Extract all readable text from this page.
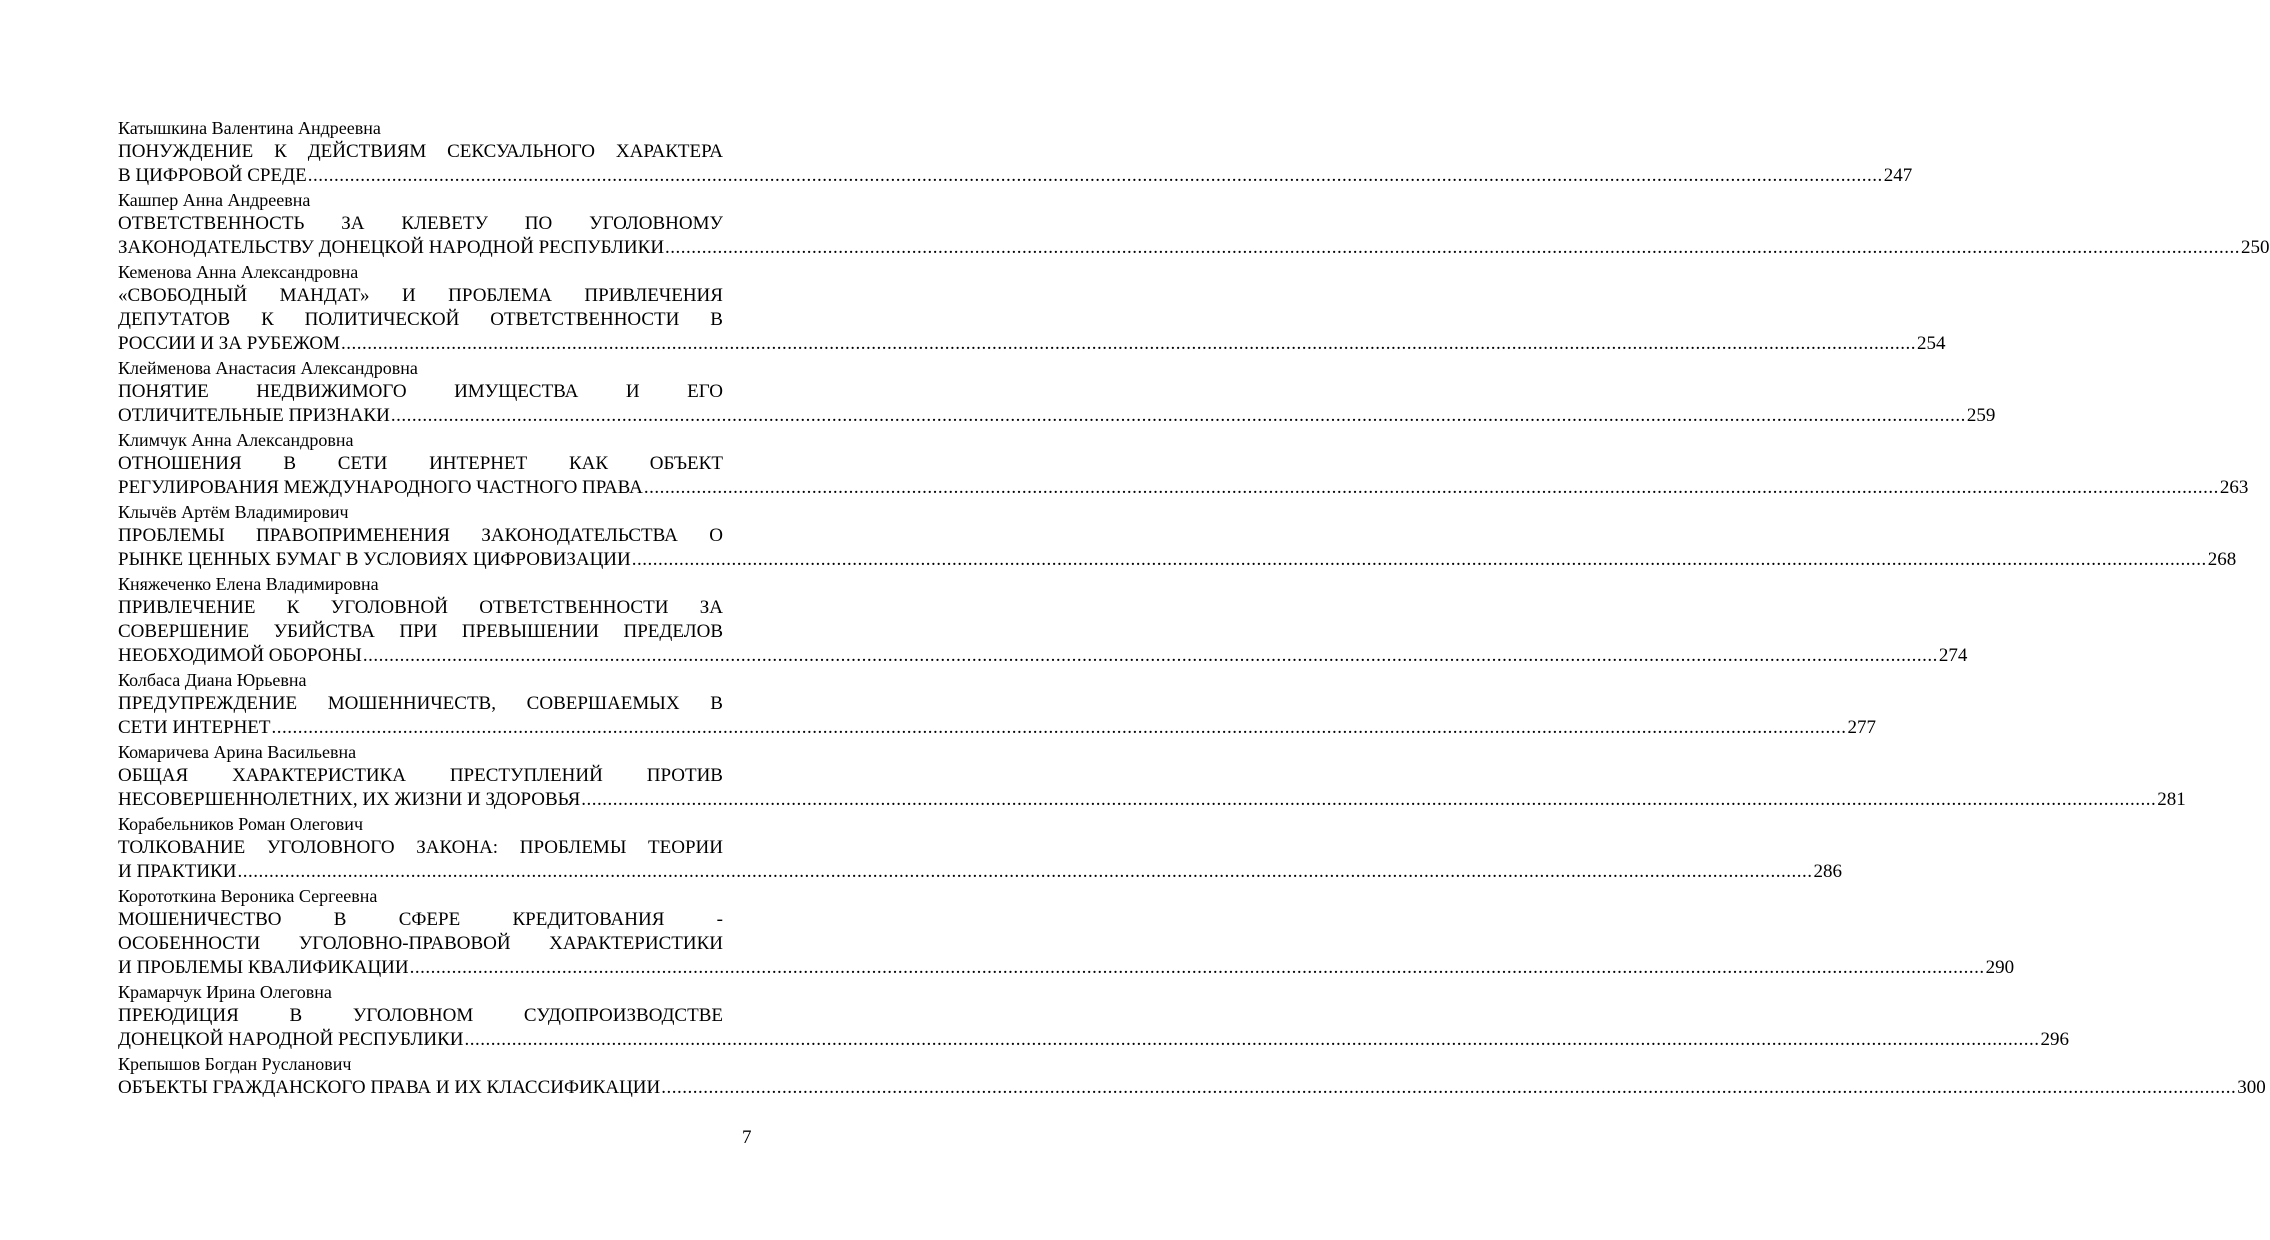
Катышкина Валентина Андреевна
ПОНУЖДЕНИЕ К ДЕЙСТВИЯМ СЕКСУАЛЬНОГО ХАРАКТЕРА
В ЦИФРОВОЙ СРЕДЕ ............................................................................................................................................................................................................................................................................................................ 247
Кашпер Анна Андреевна
ОТВЕТСТВЕННОСТЬ ЗА КЛЕВЕТУ ПО УГОЛОВНОМУ
ЗАКОНОДАТЕЛЬСТВУ ДОНЕЦКОЙ НАРОДНОЙ РЕСПУБЛИКИ ............................................................................................................................................................................................................................................................................................................ 250
Кеменова Анна Александровна
«СВОБОДНЫЙ МАНДАТ» И ПРОБЛЕМА ПРИВЛЕЧЕНИЯ
ДЕПУТАТОВ К ПОЛИТИЧЕСКОЙ ОТВЕТСТВЕННОСТИ В
РОССИИ И ЗА РУБЕЖОМ ............................................................................................................................................................................................................................................................................................................ 254
Клейменова Анастасия Александровна
ПОНЯТИЕ	НЕДВИЖИМОГО	ИМУЩЕСТВА	И	ЕГО
ОТЛИЧИТЕЛЬНЫЕ ПРИЗНАКИ ............................................................................................................................................................................................................................................................................................................ 259
Климчук Анна Александровна
ОТНОШЕНИЯ В СЕТИ ИНТЕРНЕТ КАК ОБЪЕКТ
РЕГУЛИРОВАНИЯ МЕЖДУНАРОДНОГО ЧАСТНОГО ПРАВА ............................................................................................................................................................................................................................................................................................................ 263
Клычёв Артём Владимирович
ПРОБЛЕМЫ ПРАВОПРИМЕНЕНИЯ ЗАКОНОДАТЕЛЬСТВА О
РЫНКЕ ЦЕННЫХ БУМАГ В УСЛОВИЯХ ЦИФРОВИЗАЦИИ ............................................................................................................................................................................................................................................................................................................ 268
Княжеченко Елена Владимировна
ПРИВЛЕЧЕНИЕ К УГОЛОВНОЙ ОТВЕТСТВЕННОСТИ ЗА
СОВЕРШЕНИЕ УБИЙСТВА ПРИ ПРЕВЫШЕНИИ ПРЕДЕЛОВ
НЕОБХОДИМОЙ ОБОРОНЫ ............................................................................................................................................................................................................................................................................................................ 274
Колбаса Диана Юрьевна
ПРЕДУПРЕЖДЕНИЕ МОШЕННИЧЕСТВ, СОВЕРШАЕМЫХ В
СЕТИ ИНТЕРНЕТ ............................................................................................................................................................................................................................................................................................................ 277
Комаричева Арина Васильевна
ОБЩАЯ ХАРАКТЕРИСТИКА ПРЕСТУПЛЕНИЙ ПРОТИВ
НЕСОВЕРШЕННОЛЕТНИХ, ИХ ЖИЗНИ И ЗДОРОВЬЯ ............................................................................................................................................................................................................................................................................................................ 281
Корабельников Роман Олегович
ТОЛКОВАНИЕ УГОЛОВНОГО ЗАКОНА: ПРОБЛЕМЫ ТЕОРИИ
И ПРАКТИКИ ............................................................................................................................................................................................................................................................................................................ 286
Корототкина Вероника Сергеевна
МОШЕНИЧЕСТВО	В	СФЕРЕ	КРЕДИТОВАНИЯ	-
ОСОБЕННОСТИ УГОЛОВНО-ПРАВОВОЙ ХАРАКТЕРИСТИКИ
И ПРОБЛЕМЫ КВАЛИФИКАЦИИ ............................................................................................................................................................................................................................................................................................................ 290
Крамарчук Ирина Олеговна
ПРЕЮДИЦИЯ	В	УГОЛОВНОМ	СУДОПРОИЗВОДСТВЕ
ДОНЕЦКОЙ НАРОДНОЙ РЕСПУБЛИКИ ............................................................................................................................................................................................................................................................................................................ 296
Крепышов Богдан Русланович
ОБЪЕКТЫ ГРАЖДАНСКОГО ПРАВА И ИХ КЛАССИФИКАЦИИ ............................................................................................................................................................................................................................................................................................................ 300
7
